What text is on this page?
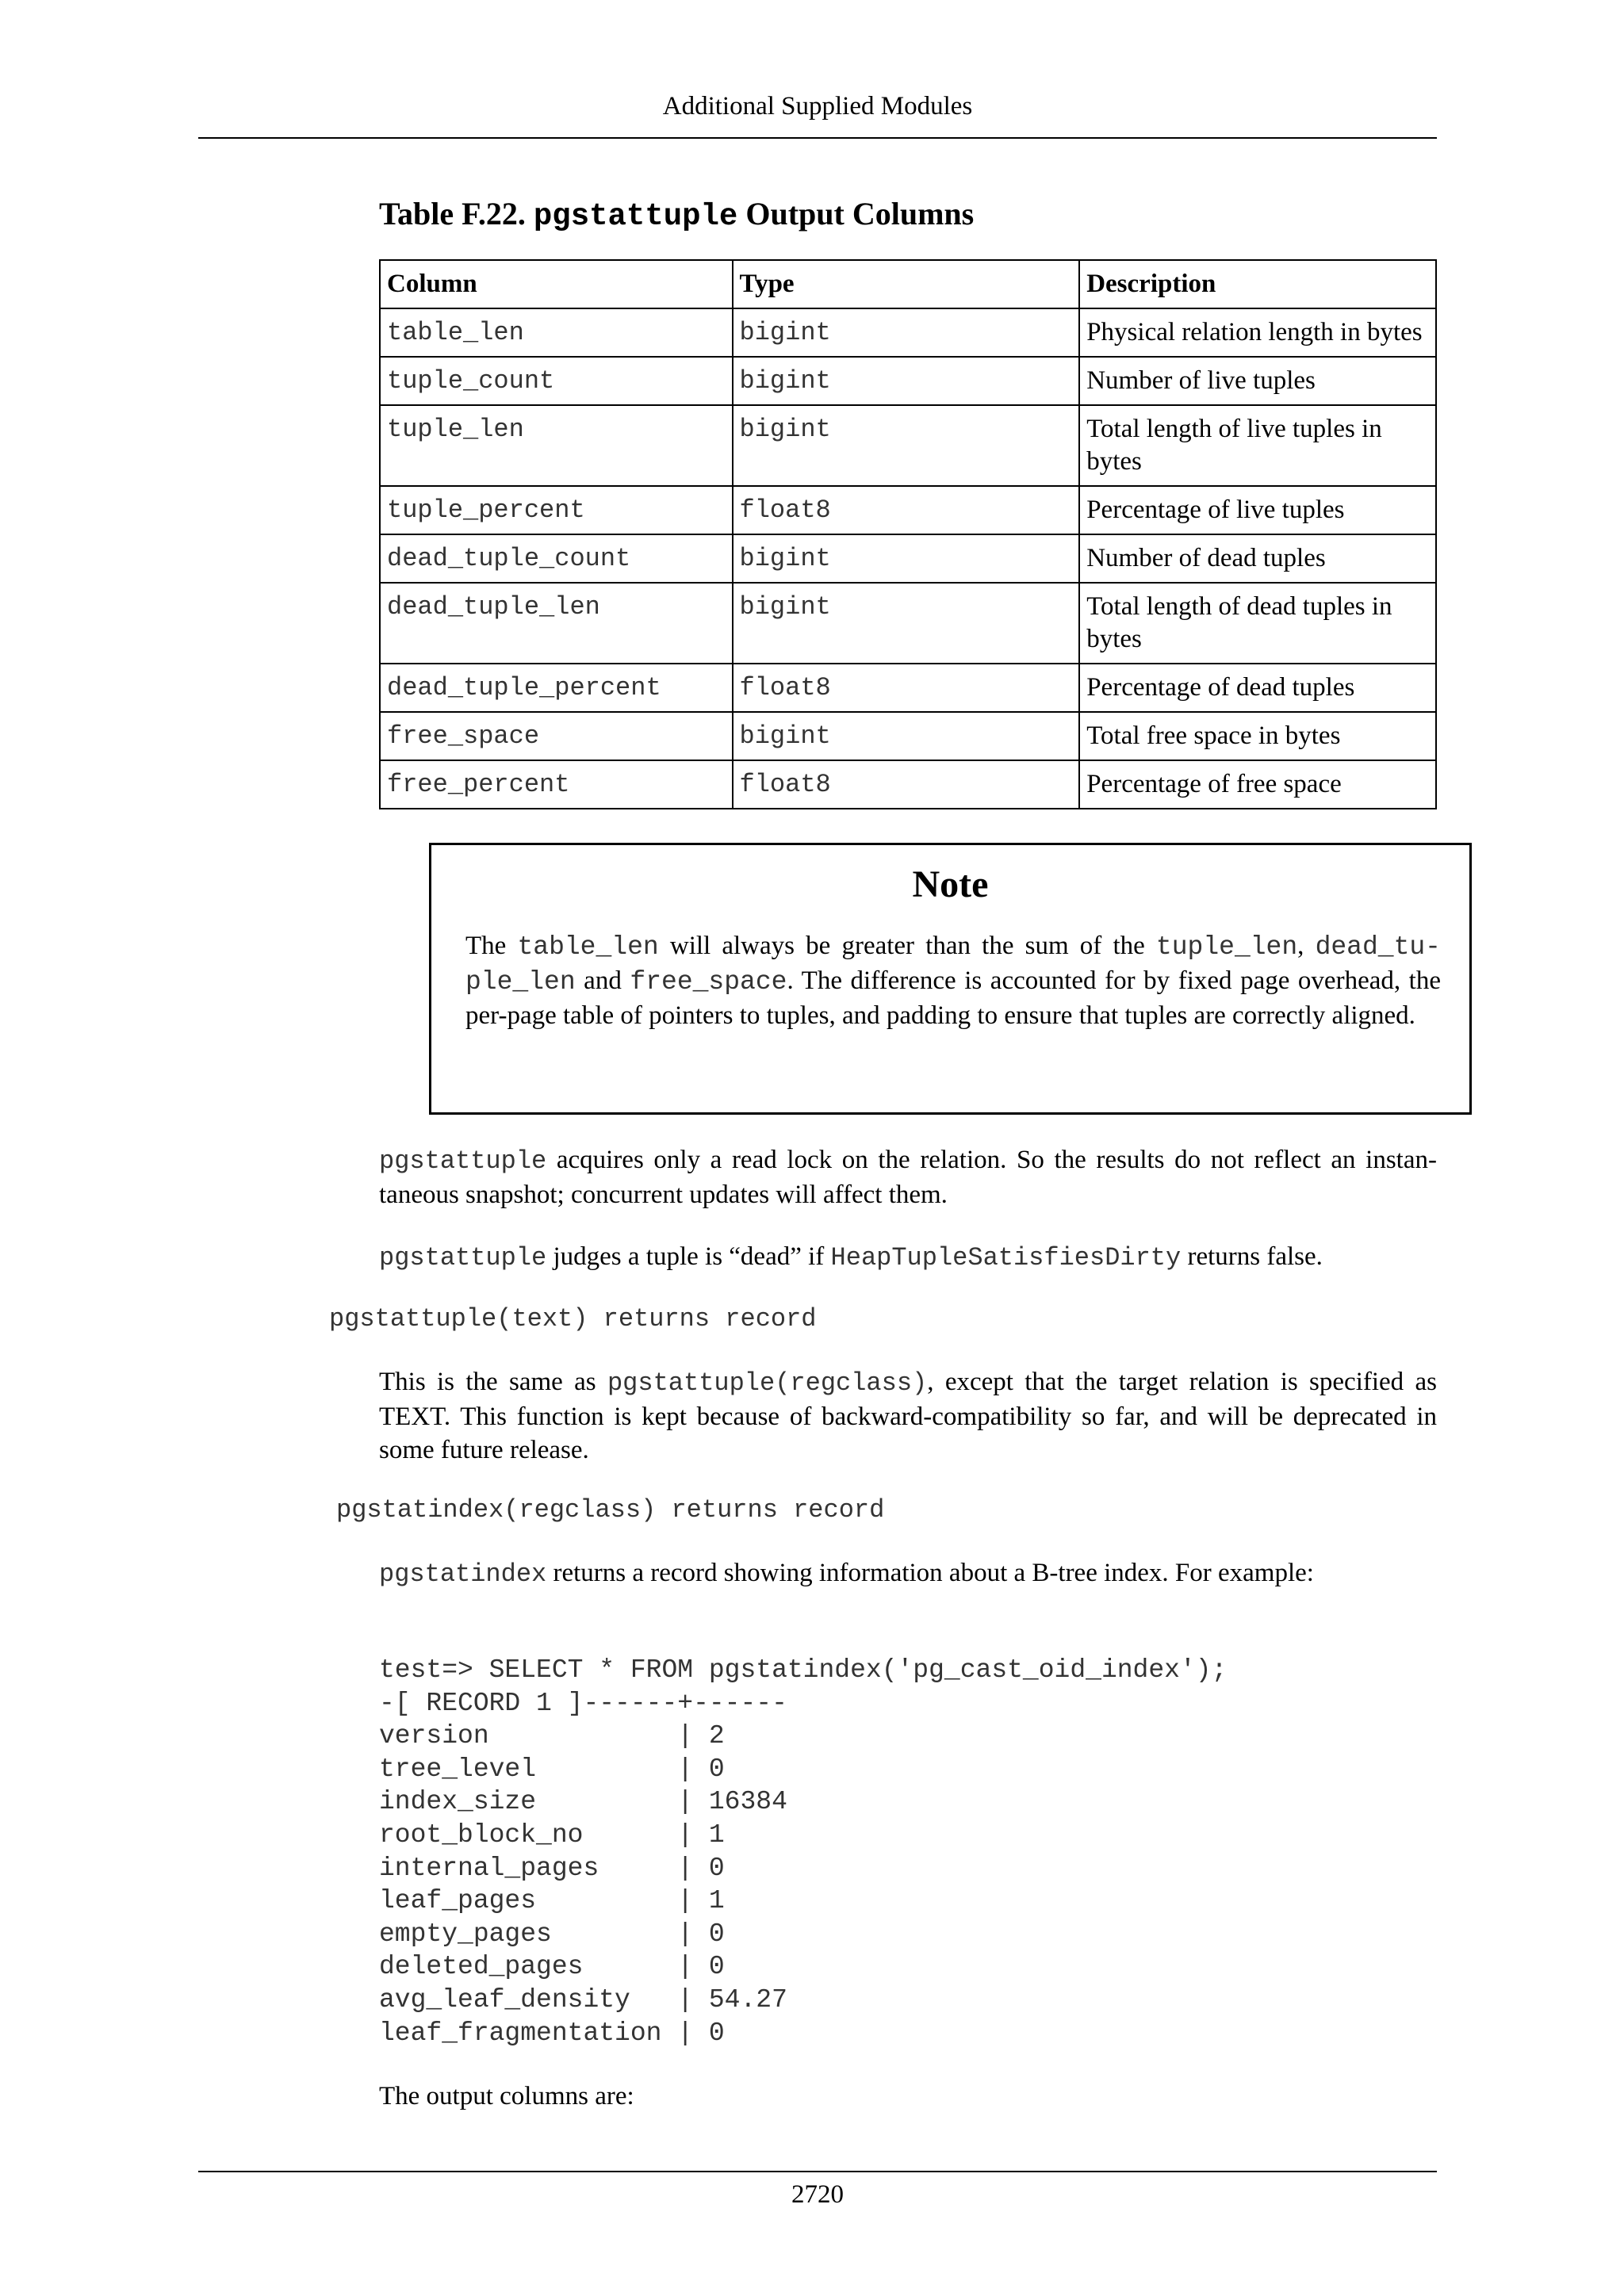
Additional Supplied Modules
Table F.22. pgstattuple Output Columns
Column	Type	Description
table_len	bigint	Physical relation length in bytes
tuple_count	bigint	Number of live tuples
tuple_len	bigint	Total length of live tuples in bytes
tuple_percent	float8	Percentage of live tuples
dead_tuple_count	bigint	Number of dead tuples
dead_tuple_len	bigint	Total length of dead tuples in bytes
dead_tuple_percent	float8	Percentage of dead tuples
free_space	bigint	Total free space in bytes
free_percent	float8	Percentage of free space
Note
The table_len will always be greater than the sum of the tuple_len, dead_tu-ple_len and free_space. The difference is accounted for by fixed page overhead, the per-page table of pointers to tuples, and padding to ensure that tuples are correctly aligned.
pgstattuple acquires only a read lock on the relation. So the results do not reflect an instan-taneous snapshot; concurrent updates will affect them.
pgstattuple judges a tuple is “dead” if HeapTupleSatisfiesDirty returns false.
pgstattuple(text) returns record
This is the same as pgstattuple(regclass), except that the target relation is specified as TEXT. This function is kept because of backward-compatibility so far, and will be deprecated in some future release.
pgstatindex(regclass) returns record
pgstatindex returns a record showing information about a B-tree index. For example:
test=> SELECT * FROM pgstatindex('pg_cast_oid_index');
-[ RECORD 1 ]------+------
version            | 2
tree_level         | 0
index_size         | 16384
root_block_no      | 1
internal_pages     | 0
leaf_pages         | 1
empty_pages        | 0
deleted_pages      | 0
avg_leaf_density   | 54.27
leaf_fragmentation | 0
The output columns are:
2720
